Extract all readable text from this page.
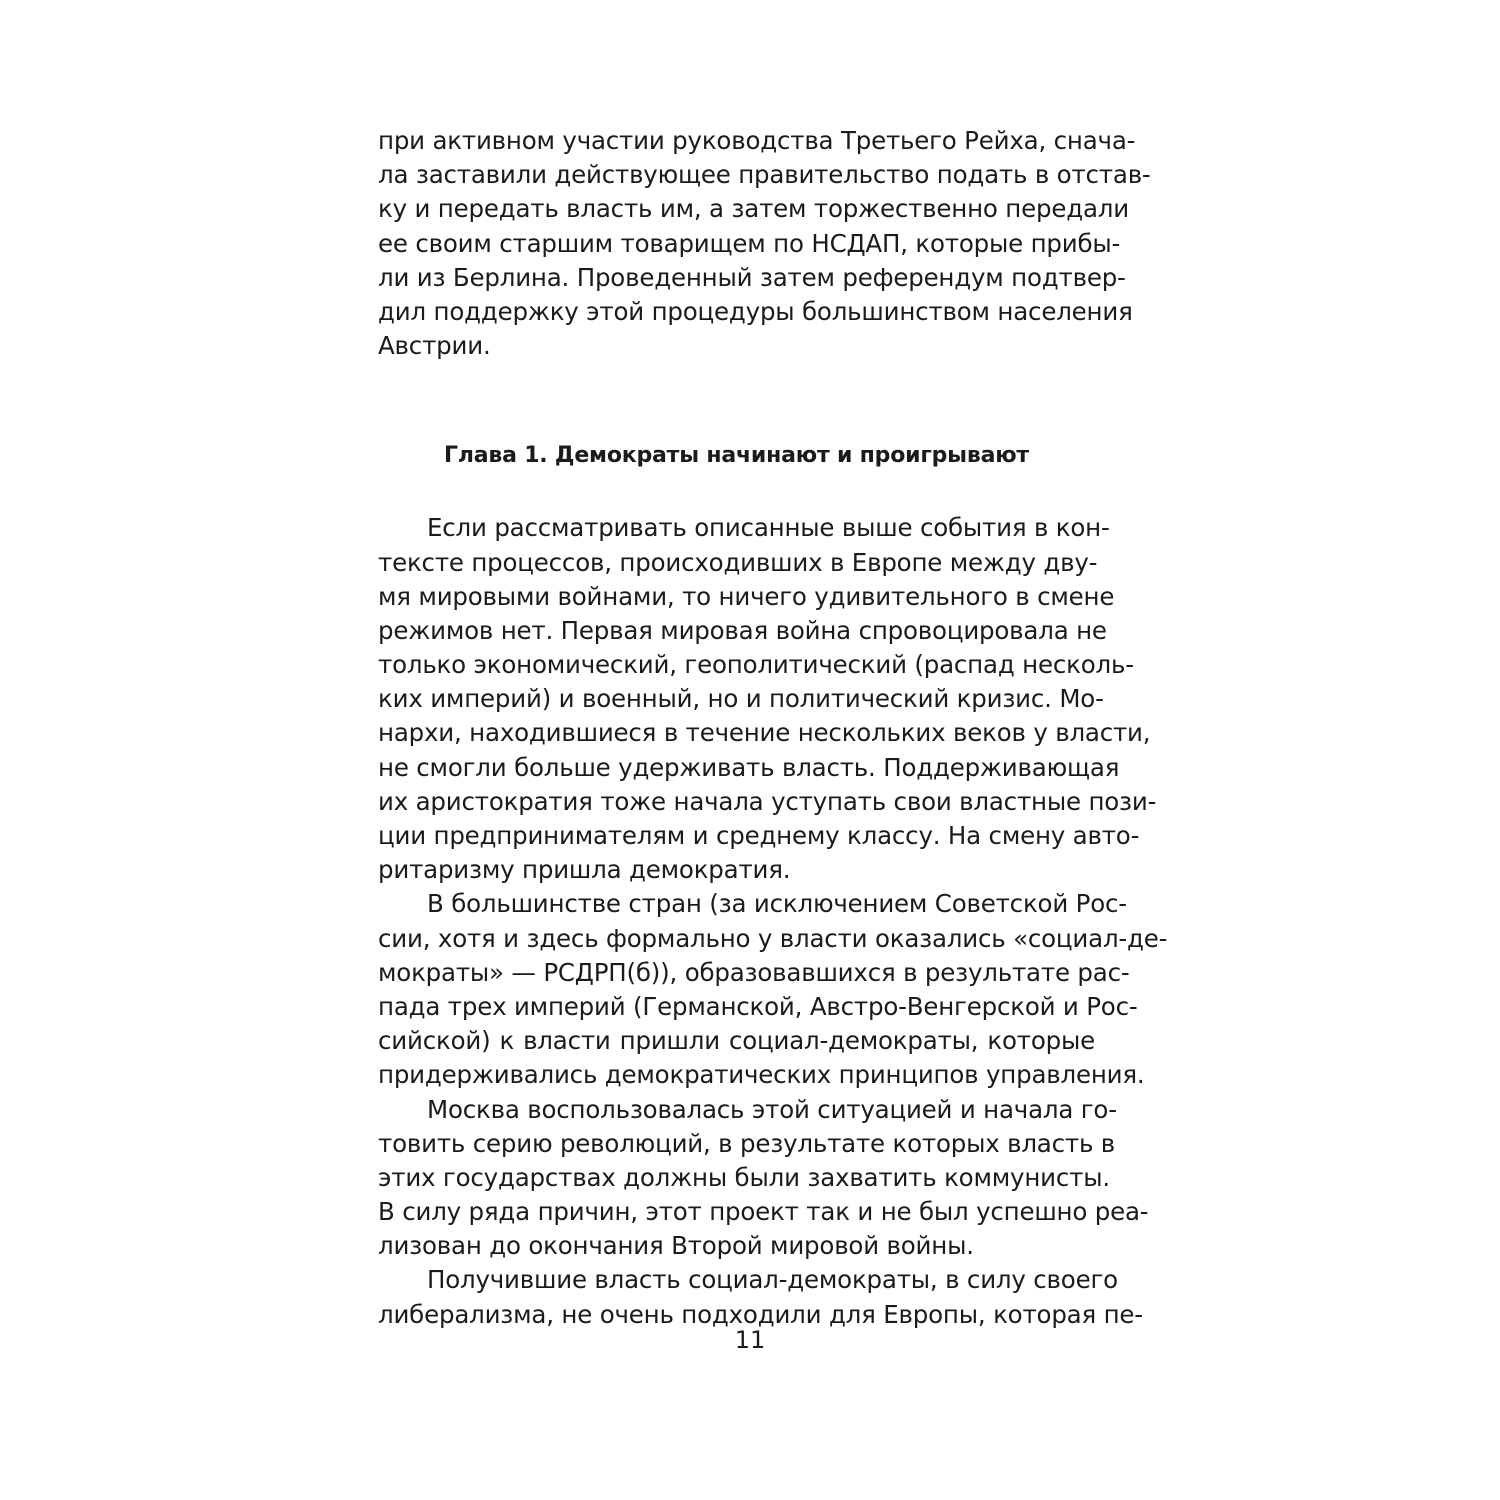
при активном участии руководства Третьего Рейха, снача-
ла заставили действующее правительство подать в отстав-
ку и передать власть им, а затем торжественно передали
ее своим старшим товарищем по НСДАП, которые прибы-
ли из Берлина. Проведенный затем референдум подтвер-
дил поддержку этой процедуры большинством населения
Австрии.
Глава 1. Демократы начинают и проигрывают
Если рассматривать описанные выше события в кон-
тексте процессов, происходивших в Европе между дву-
мя мировыми войнами, то ничего удивительного в смене
режимов нет. Первая мировая война спровоцировала не
только экономический, геополитический (распад несколь-
ких империй) и военный, но и политический кризис. Мо-
нархи, находившиеся в течение нескольких веков у власти,
не смогли больше удерживать власть. Поддерживающая
их аристократия тоже начала уступать свои властные пози-
ции предпринимателям и среднему классу. На смену авто-
ритаризму пришла демократия.
В большинстве стран (за исключением Советской Рос-
сии, хотя и здесь формально у власти оказались «социал-де-
мократы» — РСДРП(б)), образовавшихся в результате рас-
пада трех империй (Германской, Австро-Венгерской и Рос-
сийской) к власти пришли социал-демократы, которые
придерживались демократических принципов управления.
Москва воспользовалась этой ситуацией и начала го-
товить серию революций, в результате которых власть в
этих государствах должны были захватить коммунисты.
В силу ряда причин, этот проект так и не был успешно реа-
лизован до окончания Второй мировой войны.
Получившие власть социал-демократы, в силу своего
либерализма, не очень подходили для Европы, которая пе-
11
